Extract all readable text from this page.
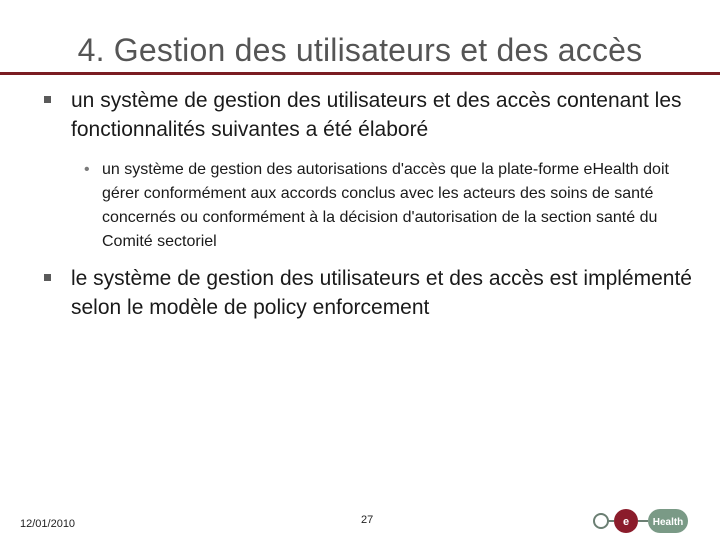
4. Gestion des utilisateurs et des accès
un système de gestion des utilisateurs et des accès contenant les fonctionnalités suivantes a été élaboré
• un système de gestion des autorisations d'accès que la plate-forme eHealth doit gérer conformément aux accords conclus avec les acteurs des soins de santé concernés ou conformément à la décision d'autorisation de la section santé du Comité sectoriel
le système de gestion des utilisateurs et des accès est implémenté selon le modèle de policy enforcement
12/01/2010	27	e Health
